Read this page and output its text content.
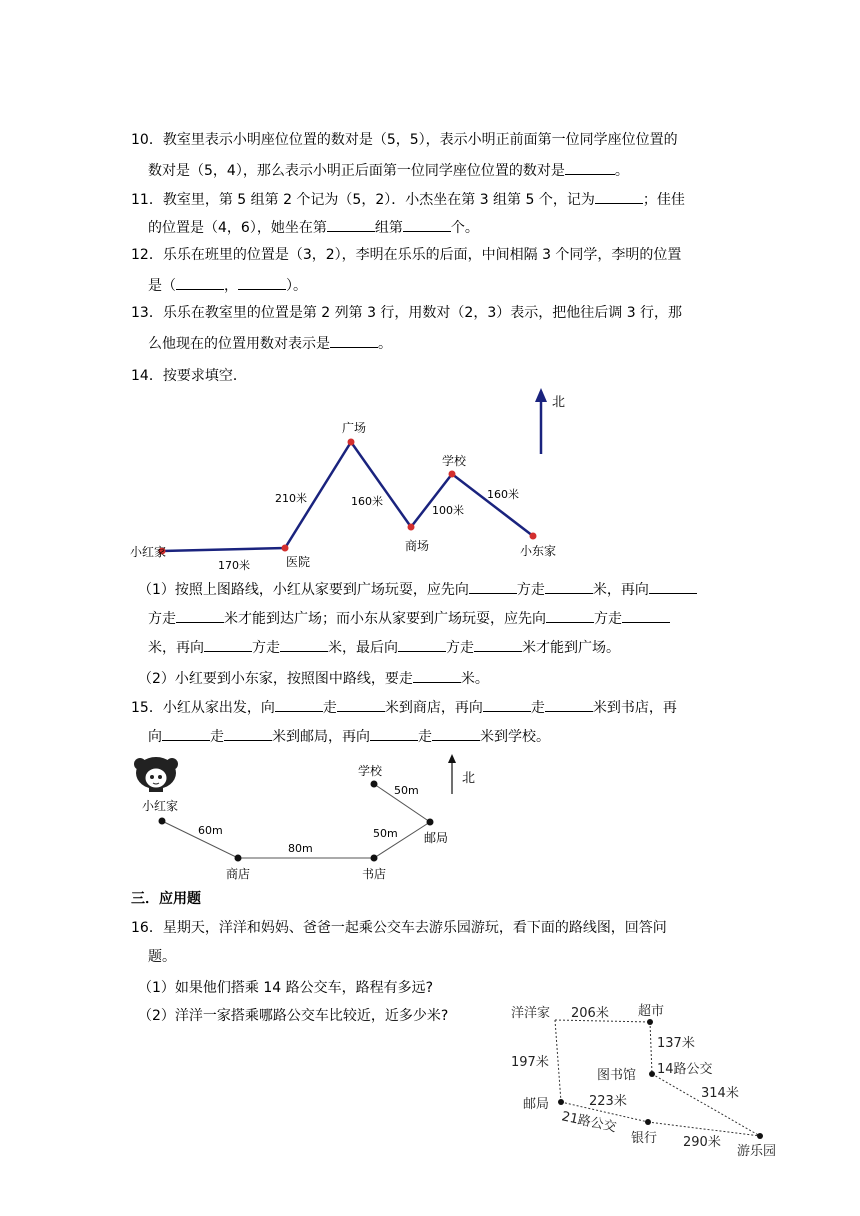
10．教室里表示小明座位位置的数对是（5，5），表示小明正前面第一位同学座位位置的
数对是（5，4），那么表示小明正后面第一位同学座位位置的数对是	。
11．教室里，第 5 组第 2 个记为（5，2）．小杰坐在第 3 组第 5 个，记为	；佳佳
的位置是（4，6），她坐在第	组第	个。
12．乐乐在班里的位置是（3，2），李明在乐乐的后面，中间相隔 3 个同学，李明的位置
是（	，	）。
13．乐乐在教室里的位置是第 2 列第 3 行，用数对（2，3）表示，把他往后调 3 行，那
么他现在的位置用数对表示是	。
14．按要求填空．
北
小红家
医院
广场
商场
学校
小东家
170米
210米	160米
100米
160米
（1）按照上图路线，小红从家要到广场玩耍，应先向	方走	米，再向
方走	米才能到达广场；而小东从家要到广场玩耍，应先向	方走
米，再向	方走	米，最后向	方走	米才能到广场。
（2）小红要到小东家，按照图中路线，要走	米。
15．小红从家出发，向	走	米到商店，再向	走	米到书店，再
向	走	米到邮局，再向	走	米到学校。
小红家
商店	书店
邮局
学校
60m
80m
50m
50m
北
三．应用题
16．星期天，洋洋和妈妈、爸爸一起乘公交车去游乐园游玩，看下面的路线图，回答问
题。
（1）如果他们搭乘 14 路公交车，路程有多远?
（2）洋洋一家搭乘哪路公交车比较近，近多少米?	洋洋家	超市
图书馆
邮局
银行
游乐园
206米
137米
197米
223米
314米
290米
14路公交
21路公交
